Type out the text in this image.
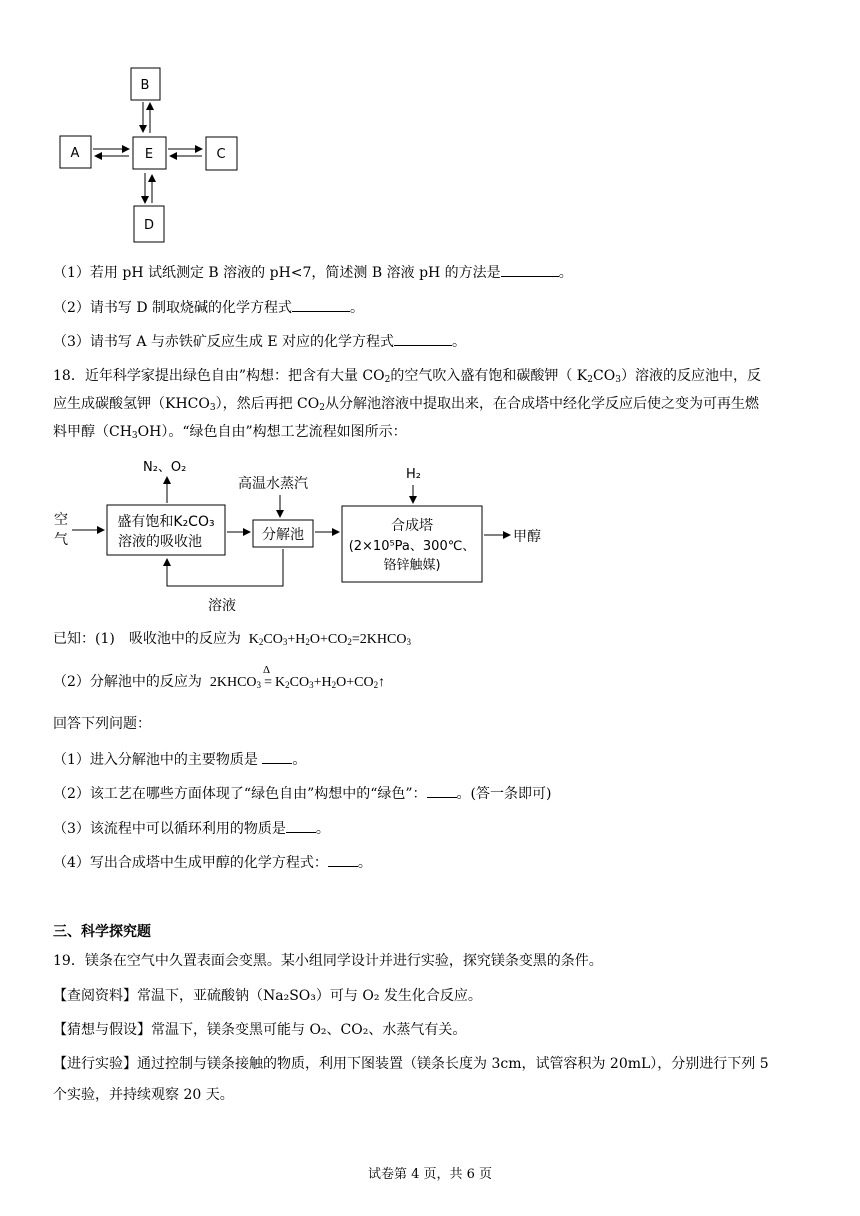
B
A	E	C
D
（1）若用 pH 试纸测定 B 溶液的 pH<7，简述测 B 溶液 pH 的方法是	。
（2）请书写 D 制取烧碱的化学方程式	。
（3）请书写 A 与赤铁矿反应生成 E 对应的化学方程式	。
18．近年科学家提出绿色自由”构想：把含有大量 $CO_2$的空气吹入盛有饱和碳酸钾（ $K_2CO_3$）溶液的反应池中，反
应生成碳酸氢钾$(KHCO_3)$，然后再把 $CO_2$从分解池溶液中提取出来，在合成塔中经化学反应后使之变为可再生燃
料甲醇$(CH_3OH)$。“绿色自由”构想工艺流程如图所示：
空气
盛有饱和K₂CO₃
溶液的吸收池
N₂、O₂
分解池
高温水蒸汽
合成塔
(2×10⁵Pa、300℃、
铬锌触媒)
H₂
甲醇
溶液
已知：(1)　吸收池中的反应为  $K_2CO_3+H_2O+CO_2=2KHCO_3$
（2）分解池中的反应为  $2KHCO_3$
Δ
= $K_2CO_3+H_2O+CO_2↑$
回答下列问题：
（1）进入分解池中的主要物质是 。
（2）该工艺在哪些方面体现了“绿色自由”构想中的“绿色”： 。(答一条即可)
（3）该流程中可以循环利用的物质是 。
（4）写出合成塔中生成甲醇的化学方程式： 。
三、科学探究题
19．镁条在空气中久置表面会变黑。某小组同学设计并进行实验，探究镁条变黑的条件。
【查阅资料】常温下，亚硫酸钠（Na₂SO₃）可与 O₂ 发生化合反应。
【猜想与假设】常温下，镁条变黑可能与 O₂、CO₂、水蒸气有关。
【进行实验】通过控制与镁条接触的物质，利用下图装置（镁条长度为 3cm，试管容积为 20mL），分别进行下列 5
个实验，并持续观察 20 天。
试卷第 4 页，共 6 页
